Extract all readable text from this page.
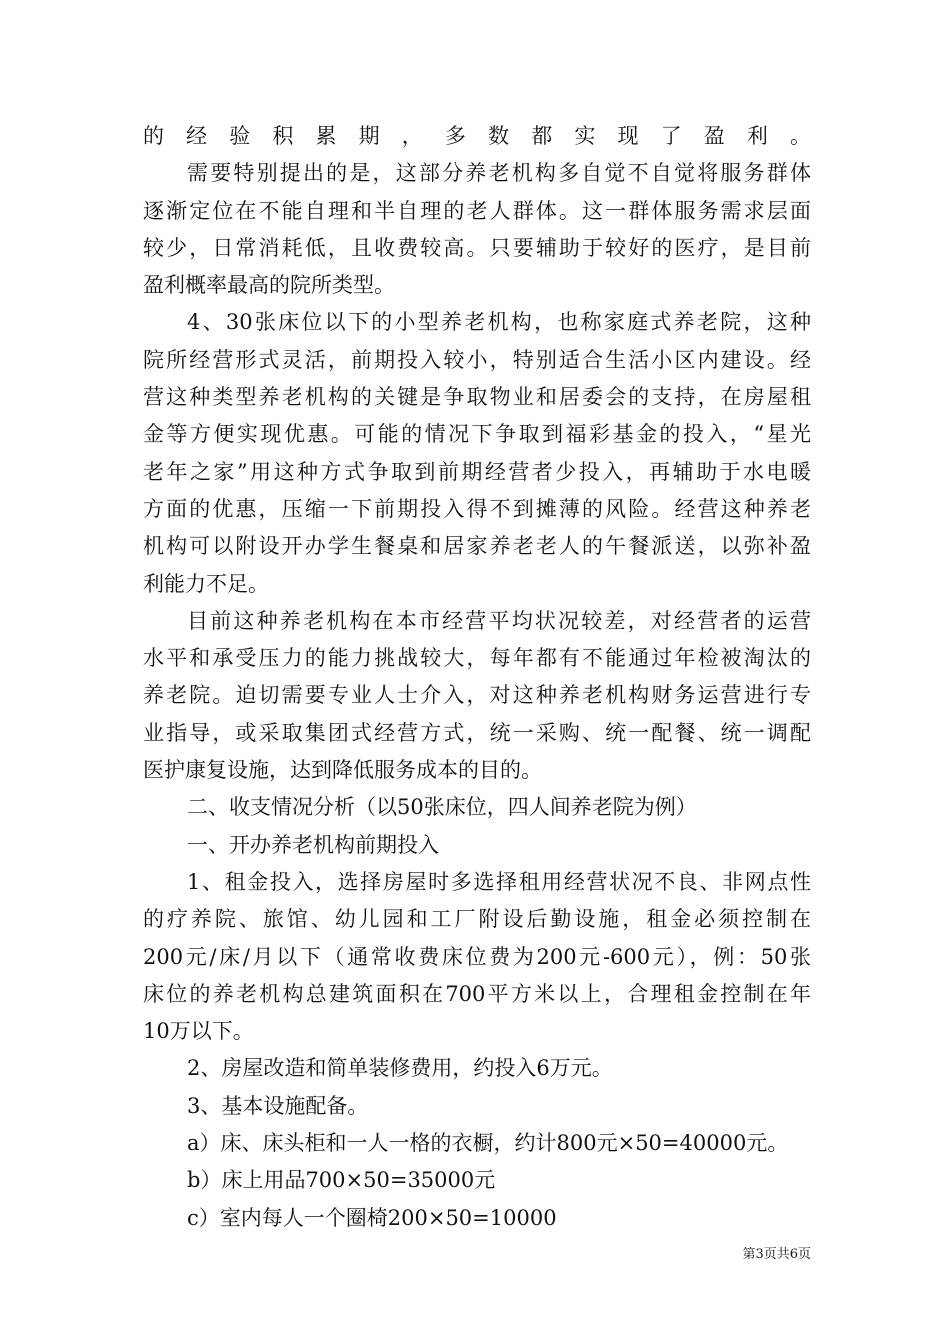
的经验积累期，多数都实现了盈利。
需要特别提出的是，这部分养老机构多自觉不自觉将服务群体
逐渐定位在不能自理和半自理的老人群体。这一群体服务需求层面
较少，日常消耗低，且收费较高。只要辅助于较好的医疗，是目前
盈利概率最高的院所类型。
4、30张床位以下的小型养老机构，也称家庭式养老院，这种
院所经营形式灵活，前期投入较小，特别适合生活小区内建设。经
营这种类型养老机构的关键是争取物业和居委会的支持，在房屋租
金等方便实现优惠。可能的情况下争取到福彩基金的投入，“星光
老年之家”用这种方式争取到前期经营者少投入，再辅助于水电暖
方面的优惠，压缩一下前期投入得不到摊薄的风险。经营这种养老
机构可以附设开办学生餐桌和居家养老老人的午餐派送，以弥补盈
利能力不足。
目前这种养老机构在本市经营平均状况较差，对经营者的运营
水平和承受压力的能力挑战较大，每年都有不能通过年检被淘汰的
养老院。迫切需要专业人士介入，对这种养老机构财务运营进行专
业指导，或采取集团式经营方式，统一采购、统一配餐、统一调配
医护康复设施，达到降低服务成本的目的。
二、收支情况分析（以50张床位，四人间养老院为例）
一、开办养老机构前期投入
1、租金投入，选择房屋时多选择租用经营状况不良、非网点性
的疗养院、旅馆、幼儿园和工厂附设后勤设施，租金必须控制在
200元/床/月以下（通常收费床位费为200元-600元），例：50张
床位的养老机构总建筑面积在700平方米以上，合理租金控制在年
10万以下。
2、房屋改造和简单装修费用，约投入6万元。
3、基本设施配备。
a）床、床头柜和一人一格的衣橱，约计800元×50=40000元。
b）床上用品700×50=35000元
c）室内每人一个圈椅200×50=10000
第3页共6页
